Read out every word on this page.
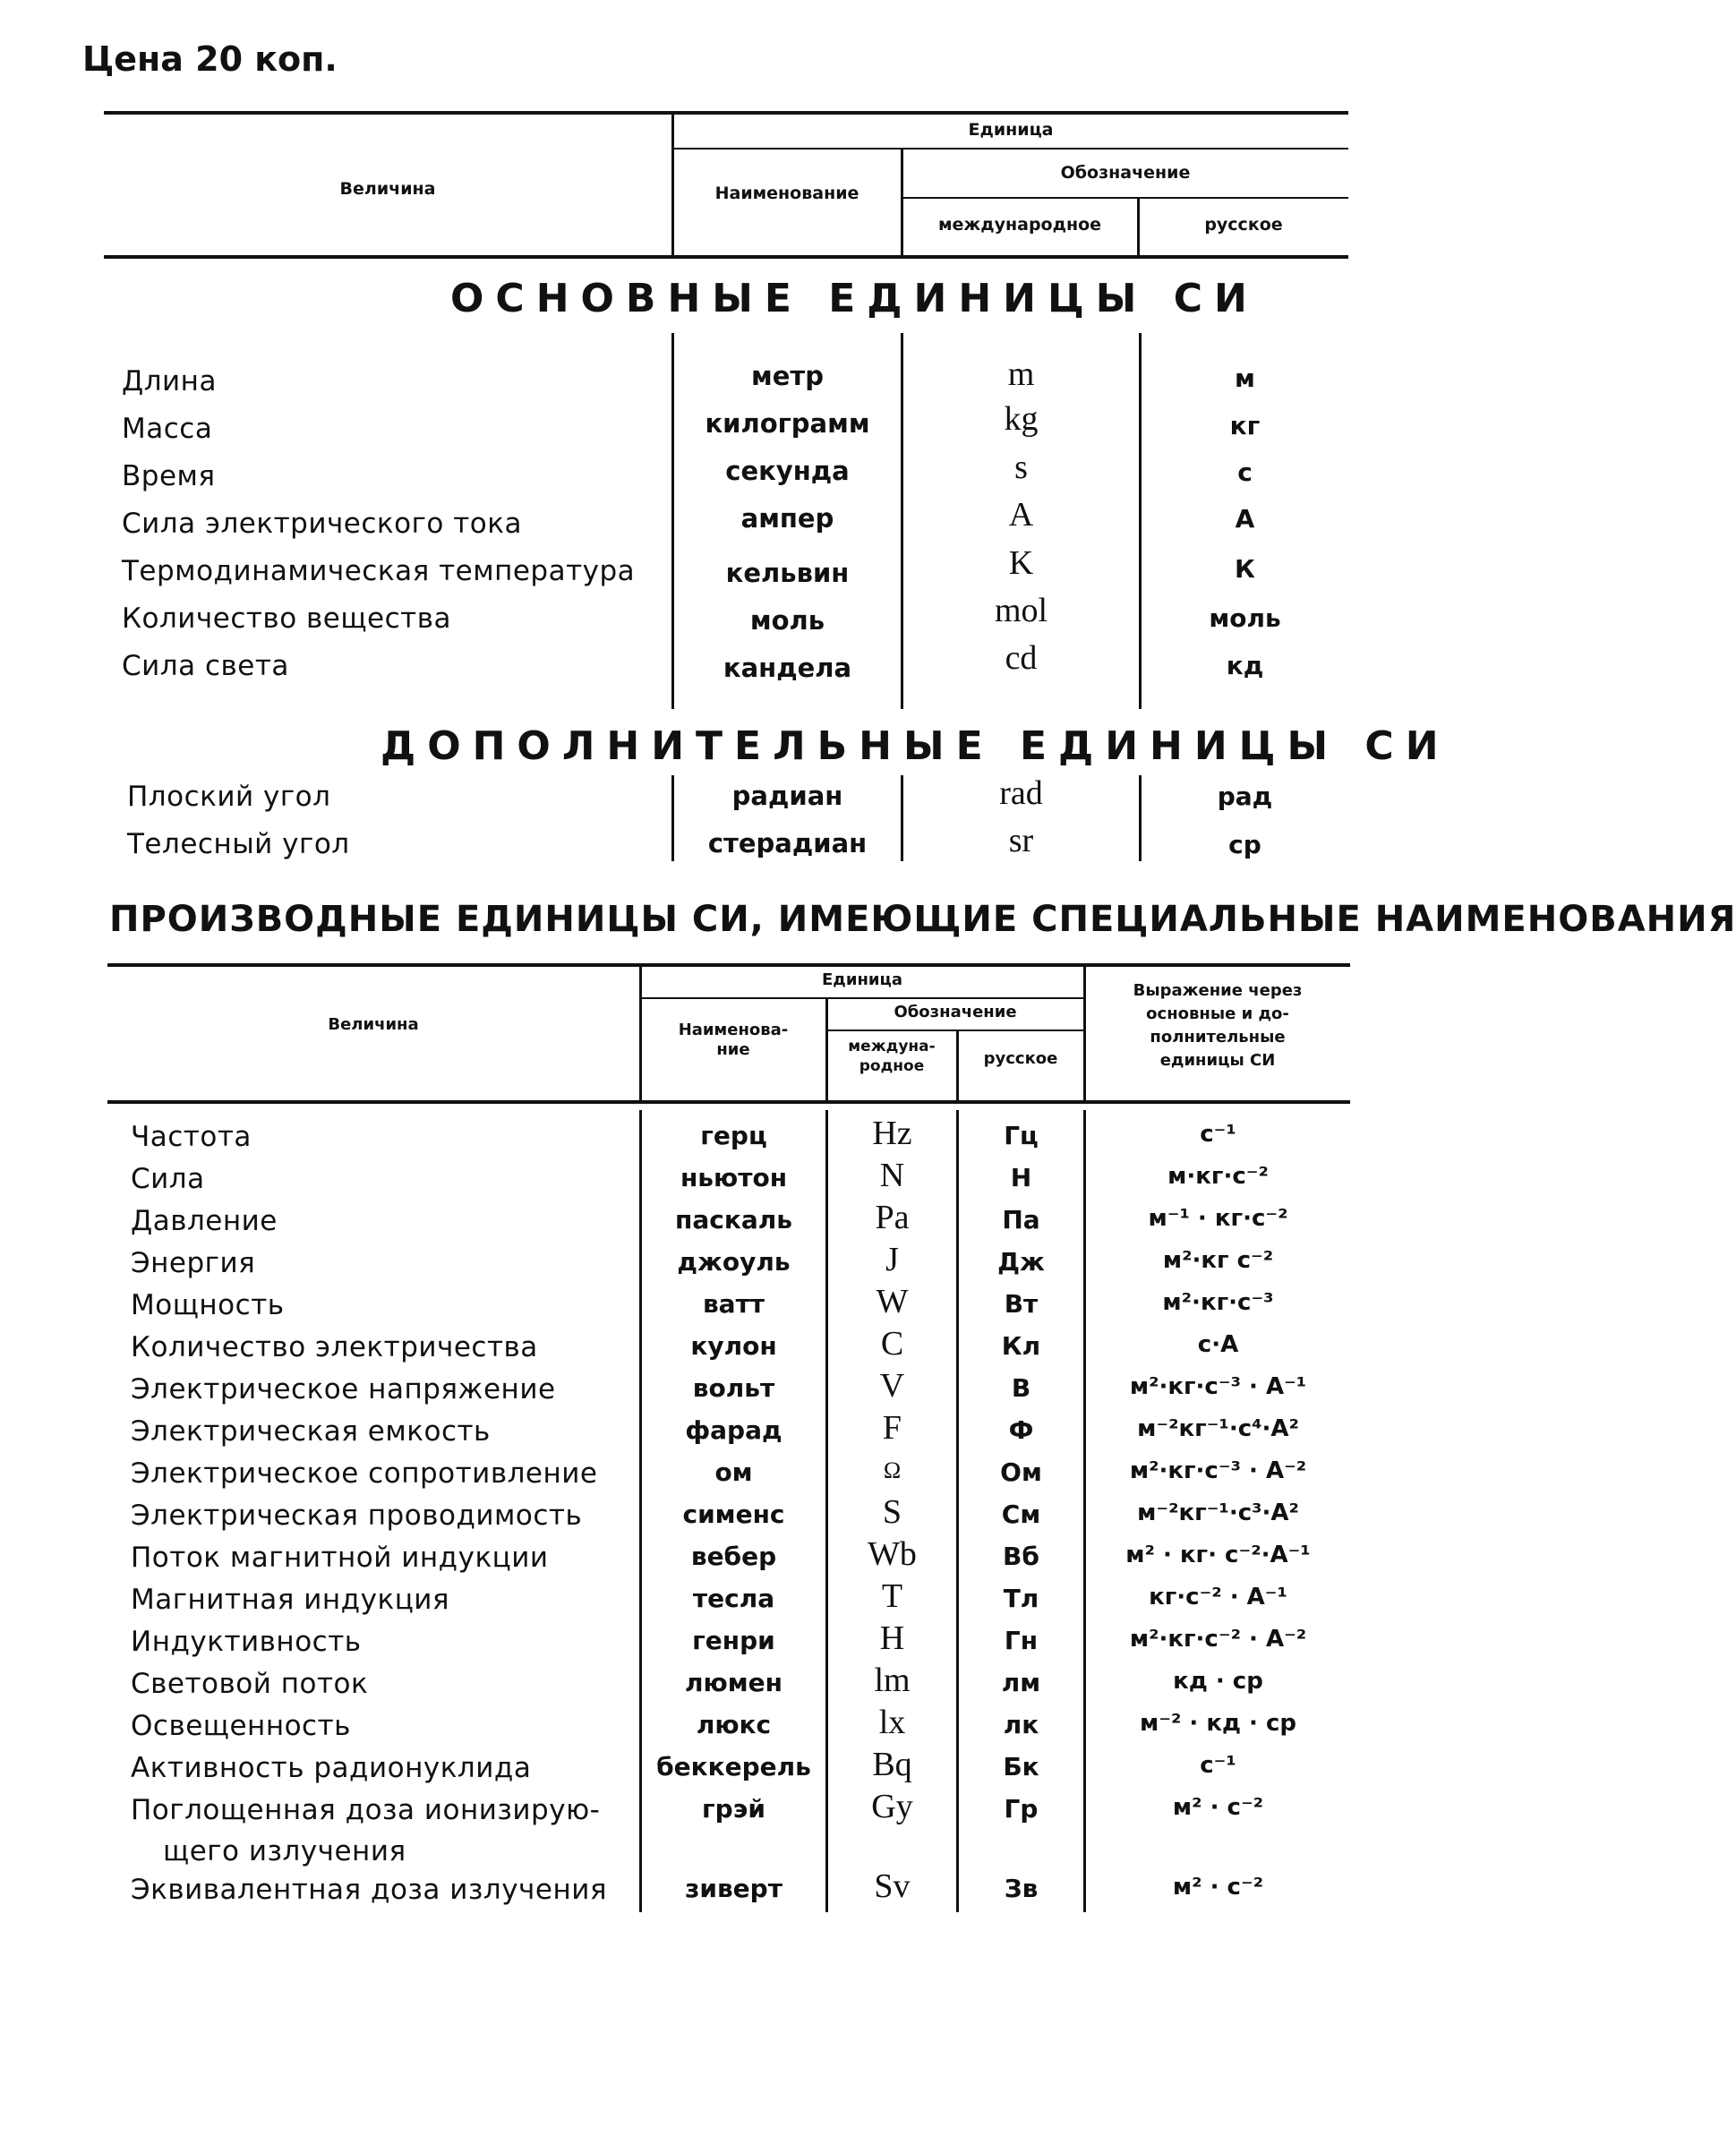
Цена 20 коп.
Величина
Единица
Наименование
Обозначение
международное	русское
ОСНОВНЫЕ ЕДИНИЦЫ СИ
ДОПОЛНИТЕЛЬНЫЕ ЕДИНИЦЫ СИ
Длина	метр	m	м
Масса	килограмм	kg	кг
Время	секунда	s	с
Сила электрического тока	ампер	A	А
Термодинамическая температура	кельвин	K	К
Количество вещества	моль	mol	моль
Сила света	кандела	cd	кд
Плоский угол	радиан	rad	рад
Телесный угол	стерадиан	sr	ср
ПРОИЗВОДНЫЕ ЕДИНИЦЫ СИ, ИМЕЮЩИЕ СПЕЦИАЛЬНЫЕ НАИМЕНОВАНИЯ
Величина
Единица
Наименова-
ние
Обозначение
междуна-
родное	русское
Выражение через
основные и до-
полнительные
единицы СИ
Частота	герц	Hz	Гц	с⁻¹
Сила	ньютон	N	Н	м·кг·с⁻²
Давление	паскаль	Pa	Па	м⁻¹ · кг·с⁻²
Энергия	джоуль	J	Дж	м²·кг с⁻²
Мощность	ватт	W	Вт	м²·кг·с⁻³
Количество электричества	кулон	C	Кл	с·А
Электрическое напряжение	вольт	V	В	м²·кг·с⁻³ · А⁻¹
Электрическая емкость	фарад	F	Ф	м⁻²кг⁻¹·с⁴·А²
Электрическое сопротивление	ом	Ω	Ом	м²·кг·с⁻³ · А⁻²
Электрическая проводимость	сименс	S	См	м⁻²кг⁻¹·с³·А²
Поток магнитной индукции	вебер	Wb	Вб	м² · кг· с⁻²·А⁻¹
Магнитная индукция	тесла	T	Тл	кг·с⁻² · А⁻¹
Индуктивность	генри	H	Гн	м²·кг·с⁻² · А⁻²
Световой поток	люмен	lm	лм	кд · ср
Освещенность	люкс	lx	лк	м⁻² · кд · ср
Активность радионуклида	беккерель	Bq	Бк	с⁻¹
Поглощенная доза ионизирую-
щего излучения
грэй	Gy	Гр	м² · с⁻²
Эквивалентная доза излучения	зиверт	Sv	Зв	м² · с⁻²
